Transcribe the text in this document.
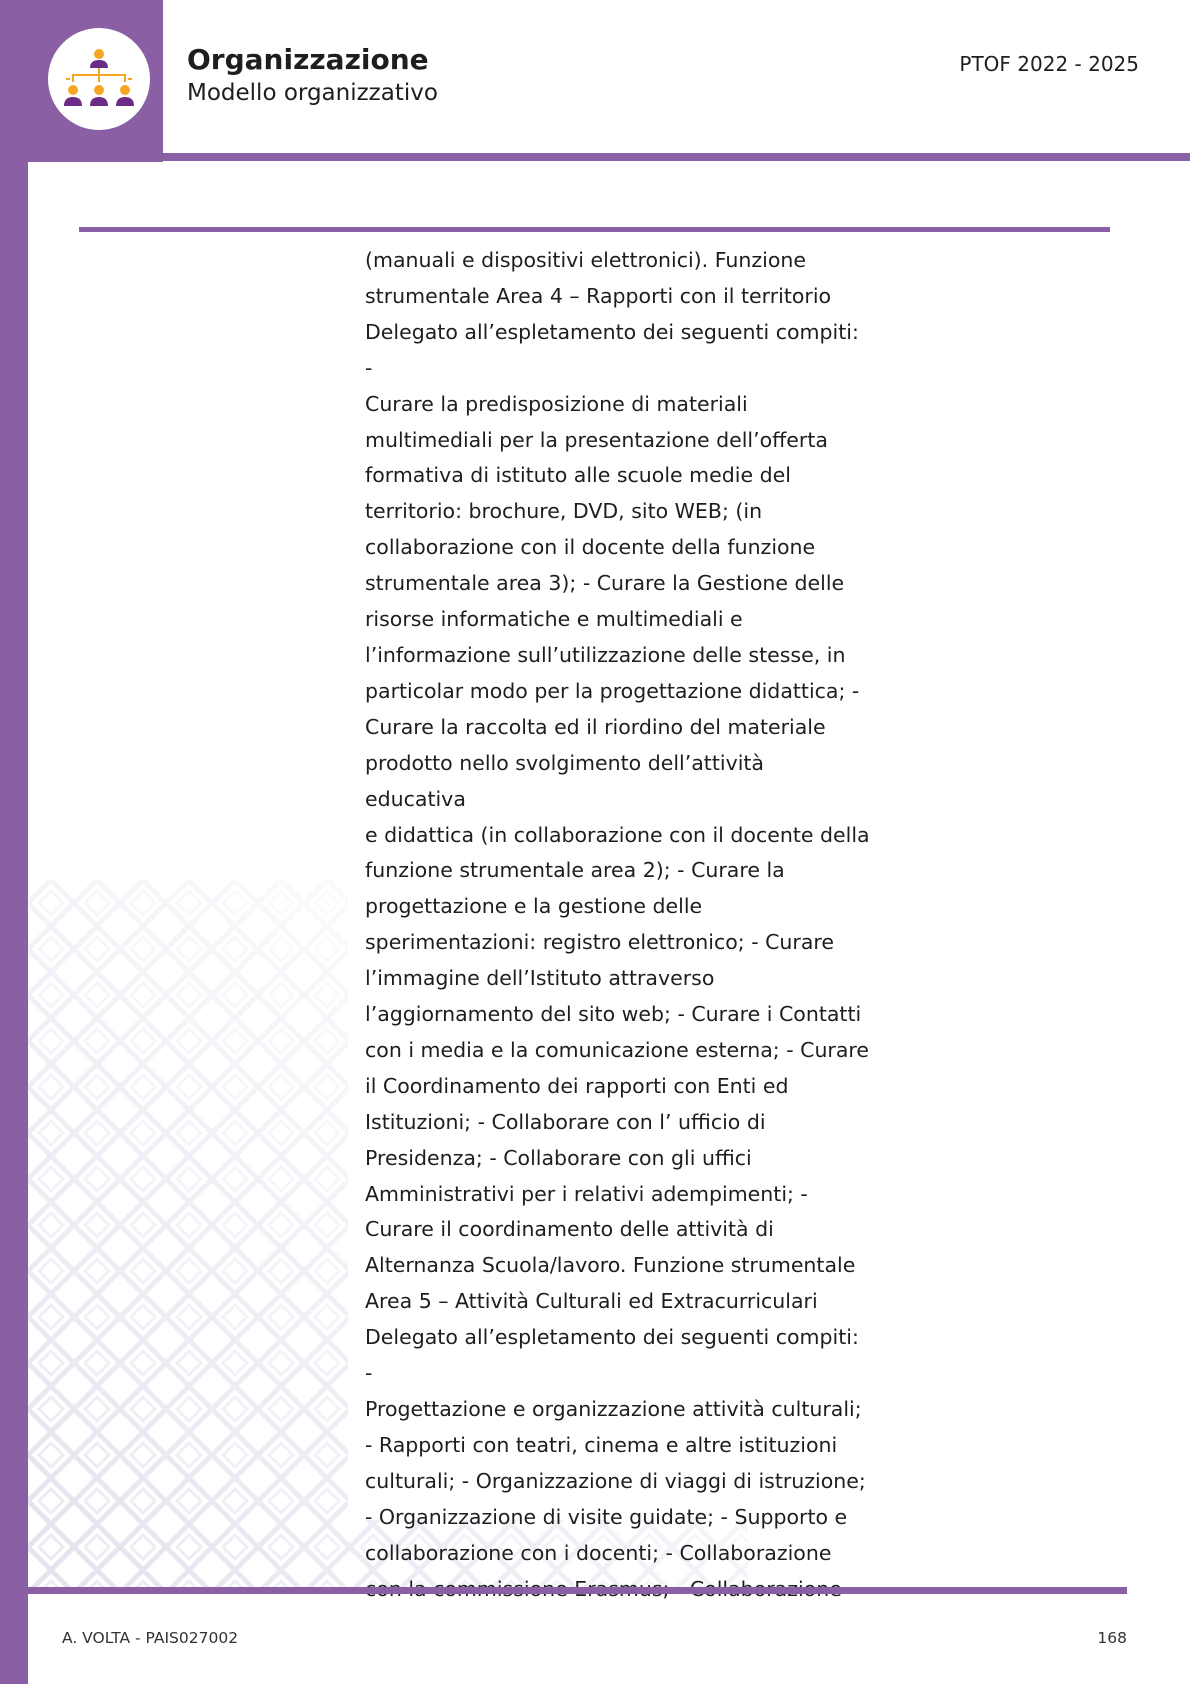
Organizzazione
Modello organizzativo
PTOF 2022 - 2025
(manuali e dispositivi elettronici). Funzione
strumentale Area 4 – Rapporti con il territorio
Delegato all’espletamento dei seguenti compiti: -
Curare la predisposizione di materiali
multimediali per la presentazione dell’offerta
formativa di istituto alle scuole medie del
territorio: brochure, DVD, sito WEB; (in
collaborazione con il docente della funzione
strumentale area 3); - Curare la Gestione delle
risorse informatiche e multimediali e
l’informazione sull’utilizzazione delle stesse, in
particolar modo per la progettazione didattica; -
Curare la raccolta ed il riordino del materiale
prodotto nello svolgimento dell’attività educativa
e didattica (in collaborazione con il docente della
funzione strumentale area 2); - Curare la
progettazione e la gestione delle
sperimentazioni: registro elettronico; - Curare
l’immagine dell’Istituto attraverso
l’aggiornamento del sito web; - Curare i Contatti
con i media e la comunicazione esterna; - Curare
il Coordinamento dei rapporti con Enti ed
Istituzioni; - Collaborare con l’ ufficio di
Presidenza; - Collaborare con gli uffici
Amministrativi per i relativi adempimenti; -
Curare il coordinamento delle attività di
Alternanza Scuola/lavoro. Funzione strumentale
Area 5 – Attività Culturali ed Extracurriculari
Delegato all’espletamento dei seguenti compiti: -
Progettazione e organizzazione attività culturali;
- Rapporti con teatri, cinema e altre istituzioni
culturali; - Organizzazione di viaggi di istruzione;
- Organizzazione di visite guidate; - Supporto e
collaborazione con i docenti; - Collaborazione

A. VOLTA - PAIS027002	168
